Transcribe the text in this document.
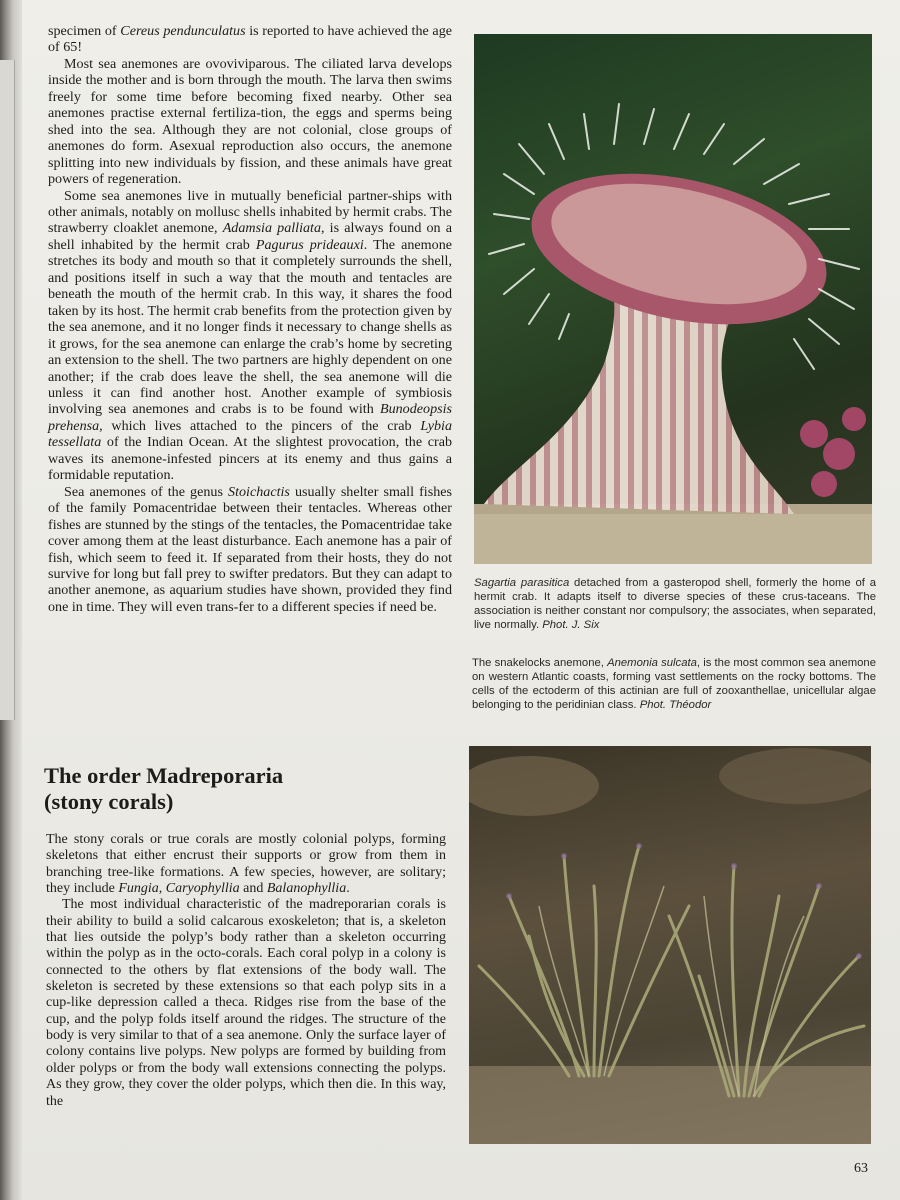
specimen of Cereus pendunculatus is reported to have achieved the age of 65!

Most sea anemones are ovoviviparous. The ciliated larva develops inside the mother and is born through the mouth. The larva then swims freely for some time before becoming fixed nearby. Other sea anemones practise external fertiliza-tion, the eggs and sperms being shed into the sea. Although they are not colonial, close groups of anemones do form. Asexual reproduction also occurs, the anemone splitting into new individuals by fission, and these animals have great powers of regeneration.

Some sea anemones live in mutually beneficial partner-ships with other animals, notably on mollusc shells inhabited by hermit crabs. The strawberry cloaklet anemone, Adamsia palliata, is always found on a shell inhabited by the hermit crab Pagurus prideauxi. The anemone stretches its body and mouth so that it completely surrounds the shell, and positions itself in such a way that the mouth and tentacles are beneath the mouth of the hermit crab. In this way, it shares the food taken by its host. The hermit crab benefits from the protection given by the sea anemone, and it no longer finds it necessary to change shells as it grows, for the sea anemone can enlarge the crab’s home by secreting an extension to the shell. The two partners are highly dependent on one another; if the crab does leave the shell, the sea anemone will die unless it can find another host. Another example of symbiosis involving sea anemones and crabs is to be found with Bunodeopsis prehensa, which lives attached to the pincers of the crab Lybia tessellata of the Indian Ocean. At the slightest provocation, the crab waves its anemone-infested pincers at its enemy and thus gains a formidable reputation.

Sea anemones of the genus Stoichactis usually shelter small fishes of the family Pomacentridae between their tentacles. Whereas other fishes are stunned by the stings of the tentacles, the Pomacentridae take cover among them at the least disturbance. Each anemone has a pair of fish, which seem to feed it. If separated from their hosts, they do not survive for long but fall prey to swifter predators. But they can adapt to another anemone, as aquarium studies have shown, provided they find one in time. They will even trans-fer to a different species if need be.

The order Madreporaria
(stony corals)

The stony corals or true corals are mostly colonial polyps, forming skeletons that either encrust their supports or grow from them in branching tree-like formations. A few species, however, are solitary; they include Fungia, Caryophyllia and Balanophyllia.

The most individual characteristic of the madreporarian corals is their ability to build a solid calcarous exoskeleton; that is, a skeleton that lies outside the polyp’s body rather than a skeleton occurring within the polyp as in the octo-corals. Each coral polyp in a colony is connected to the others by flat extensions of the body wall. The skeleton is secreted by these extensions so that each polyp sits in a cup-like depression called a theca. Ridges rise from the base of the cup, and the polyp folds itself around the ridges. The structure of the body is very similar to that of a sea anemone. Only the surface layer of colony contains live polyps. New polyps are formed by building from older polyps or from the body wall extensions connecting the polyps. As they grow, they cover the older polyps, which then die. In this way, the

Sagartia parasitica detached from a gasteropod shell, formerly the home of a hermit crab. It adapts itself to diverse species of these crus-taceans. The association is neither constant nor compulsory; the associates, when separated, live normally. Phot. J. Six

The snakelocks anemone, Anemonia sulcata, is the most common sea anemone on western Atlantic coasts, forming vast settlements on the rocky bottoms. The cells of the ectoderm of this actinian are full of zooxanthellae, unicellular algae belonging to the peridinian class. Phot. Théodor

63
